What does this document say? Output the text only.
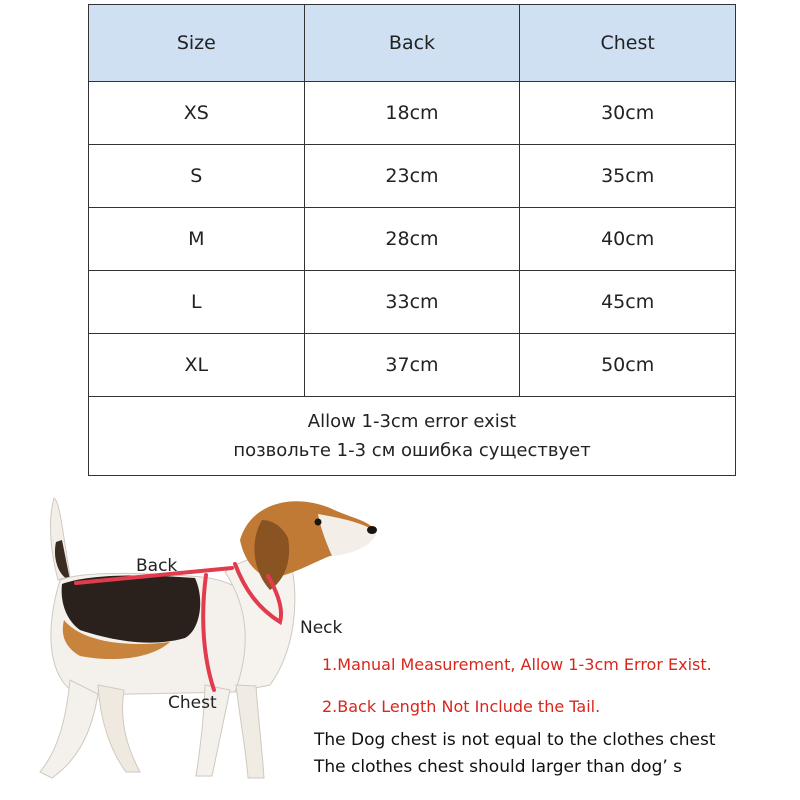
Size	Back	Chest
XS	18cm	30cm
S	23cm	35cm
M	28cm	40cm
L	33cm	45cm
XL	37cm	50cm

Allow 1-3cm error exist
позвольте 1-3 см ошибка существует		
Back
Neck
Chest
1.Manual Measurement, Allow 1-3cm Error Exist.
2.Back Length Not Include the Tail.
The Dog chest is not equal to the clothes chest
The clothes chest should larger than dog’ s
